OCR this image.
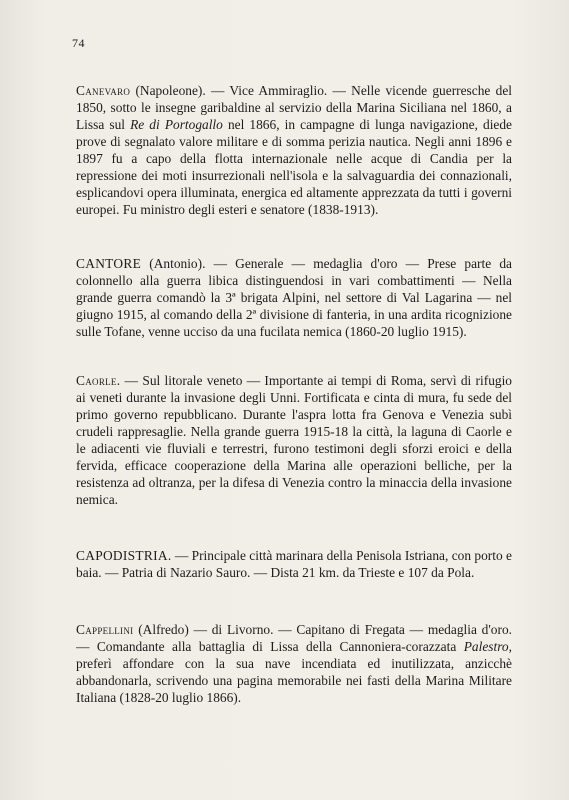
74

Canevaro (Napoleone). — Vice Ammiraglio. — Nelle vicende guerresche del 1850, sotto le insegne garibaldine al servizio della Marina Siciliana nel 1860, a Lissa sul Re di Portogallo nel 1866, in campagne di lunga navigazione, diede prove di segnalato valore militare e di somma perizia nautica. Negli anni 1896 e 1897 fu a capo della flotta internazionale nelle acque di Candia per la repressione dei moti insurrezionali nell'isola e la salvaguardia dei connazionali, esplicandovi opera illuminata, energica ed altamente apprezzata da tutti i governi europei. Fu ministro degli esteri e senatore (1838-1913).

CANTORE (Antonio). — Generale — medaglia d'oro — Prese parte da colonnello alla guerra libica distinguendosi in vari combattimenti — Nella grande guerra comandò la 3ª brigata Alpini, nel settore di Val Lagarina — nel giugno 1915, al comando della 2ª divisione di fanteria, in una ardita ricognizione sulle Tofane, venne ucciso da una fucilata nemica (1860-20 luglio 1915).

Caorle. — Sul litorale veneto — Importante ai tempi di Roma, servì di rifugio ai veneti durante la invasione degli Unni. Fortificata e cinta di mura, fu sede del primo governo repubblicano. Durante l'aspra lotta fra Genova e Venezia subì crudeli rappresaglie. Nella grande guerra 1915-18 la città, la laguna di Caorle e le adiacenti vie fluviali e terrestri, furono testimoni degli sforzi eroici e della fervida, efficace cooperazione della Marina alle operazioni belliche, per la resistenza ad oltranza, per la difesa di Venezia contro la minaccia della invasione nemica.

CAPODISTRIA. — Principale città marinara della Penisola Istriana, con porto e baia. — Patria di Nazario Sauro. — Dista 21 km. da Trieste e 107 da Pola.

Cappellini (Alfredo) — di Livorno. — Capitano di Fregata — medaglia d'oro. — Comandante alla battaglia di Lissa della Cannoniera-corazzata Palestro, preferì affondare con la sua nave incendiata ed inutilizzata, anzicchè abbandonarla, scrivendo una pagina memorabile nei fasti della Marina Militare Italiana (1828-20 luglio 1866).
